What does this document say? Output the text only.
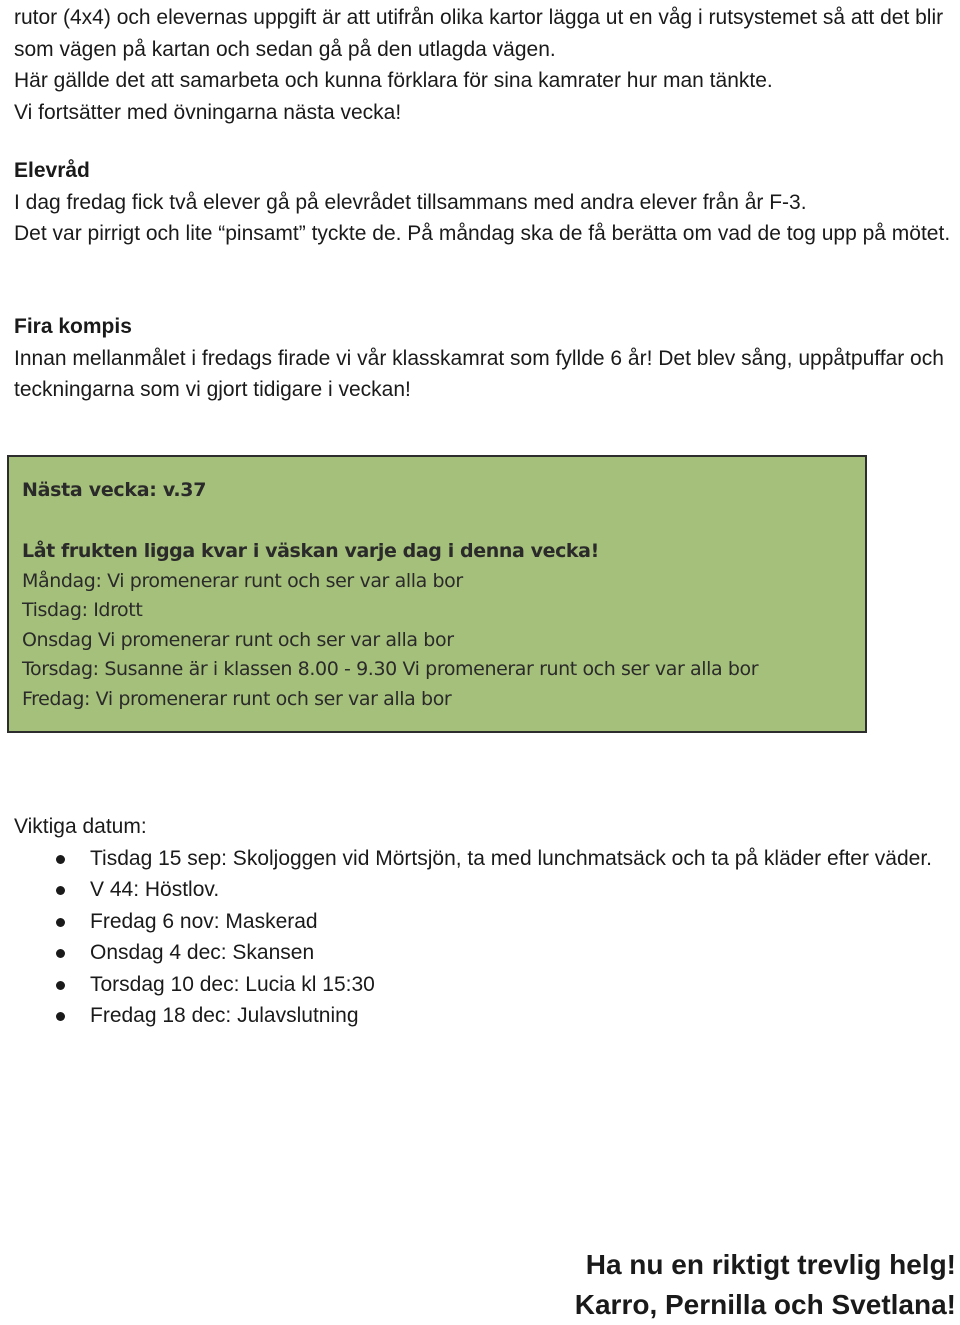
rutor (4x4) och elevernas uppgift är att utifrån olika kartor lägga ut en våg i rutsystemet så att det blir som vägen på kartan och sedan gå på den utlagda vägen.

Här gällde det att samarbeta och kunna förklara för sina kamrater hur man tänkte.

Vi fortsätter med övningarna nästa vecka!

Elevråd

I dag fredag fick två elever gå på elevrådet tillsammans med andra elever från år F-3.

Det var pirrigt och lite “pinsamt” tyckte de. På måndag ska de få berätta om vad de tog upp på mötet.

Fira kompis

Innan mellanmålet i fredags firade vi vår klasskamrat som fyllde 6 år! Det blev sång, uppåtpuffar och teckningarna som vi gjort tidigare i veckan!

Nästa vecka: v.37
Låt frukten ligga kvar i väskan varje dag i denna vecka!
Måndag: Vi promenerar runt och ser var alla bor
Tisdag: Idrott
Onsdag Vi promenerar runt och ser var alla bor
Torsdag: Susanne är i klassen 8.00 - 9.30 Vi promenerar runt och ser var alla bor
Fredag: Vi promenerar runt och ser var alla bor

Viktiga datum:

Tisdag 15 sep: Skoljoggen vid Mörtsjön, ta med lunchmatsäck och ta på kläder efter väder.
V 44: Höstlov.
Fredag 6 nov: Maskerad
Onsdag 4 dec: Skansen
Torsdag 10 dec: Lucia kl 15:30
Fredag 18 dec: Julavslutning
Ha nu en riktigt trevlig helg!
Karro, Pernilla och Svetlana!
